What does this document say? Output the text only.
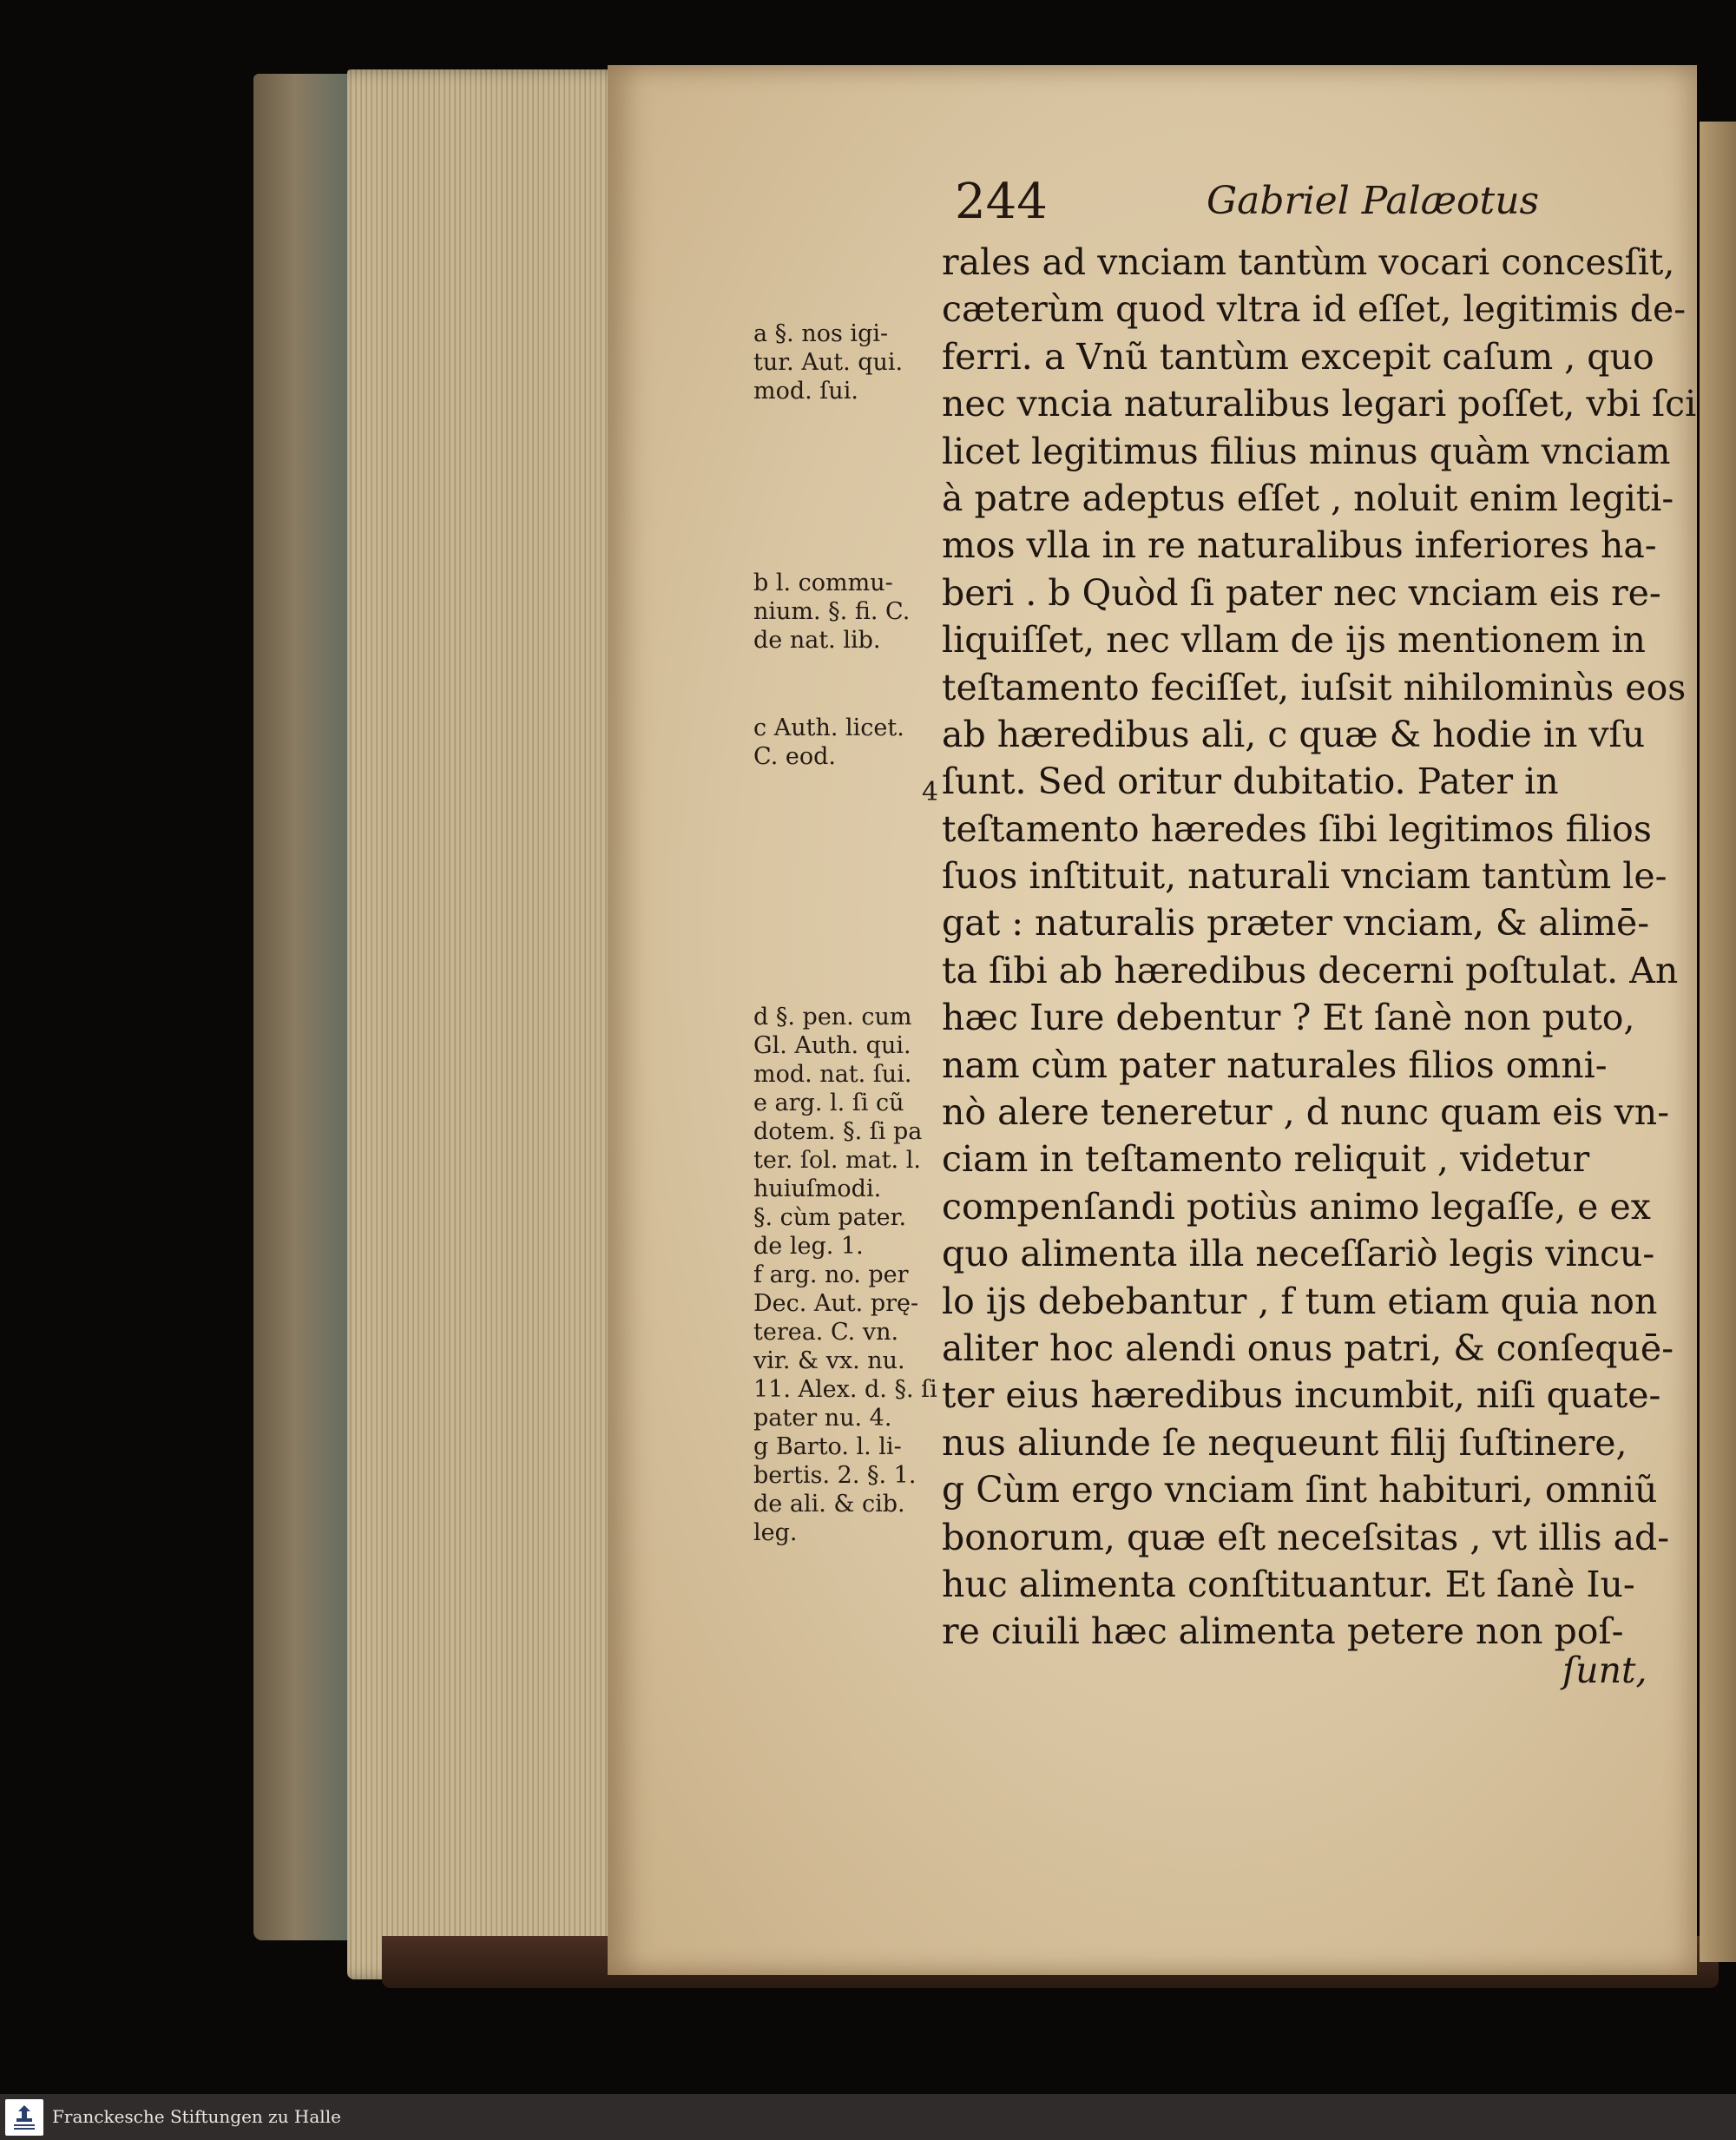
244	Gabriel Palæotus
a §. nos igi-
tur. Aut. qui.
mod. ſui.
b l. commu-
nium. §. fi. C.
de nat. lib.
c Auth. licet.
C. eod.
d §. pen. cum
Gl. Auth. qui.
mod. nat. ſui.
e arg. l. ſi cũ
dotem. §. ſi pa
ter. ſol. mat. l.
huiuſmodi.
§. cùm pater.
de leg. 1.
f arg. no. per
Dec. Aut. prę-
terea. C. vn.
vir. & vx. nu.
11. Alex. d. §. ſi
pater nu. 4.
g Barto. l. li-
bertis. 2. §. 1.
de ali. & cib.
leg.
4
rales ad vnciam tantùm vocari concesſit,
cæterùm quod vltra id eſſet, legitimis de-
ferri. a Vnũ tantùm excepit caſum , quo
nec vncia naturalibus legari poſſet, vbi ſci
licet legitimus filius minus quàm vnciam
à patre adeptus eſſet , noluit enim legiti-
mos vlla in re naturalibus inferiores ha-
beri . b Quòd ſi pater nec vnciam eis re-
liquiſſet, nec vllam de ijs mentionem in
teſtamento feciſſet, iuſsit nihilominùs eos
ab hæredibus ali, c quæ & hodie in vſu
ſunt. Sed oritur dubitatio. Pater in
teſtamento hæredes ſibi legitimos filios
ſuos inſtituit, naturali vnciam tantùm le-
gat : naturalis præter vnciam, & alimē-
ta ſibi ab hæredibus decerni poſtulat. An
hæc Iure debentur ? Et ſanè non puto,
nam cùm pater naturales filios omni-
nò alere teneretur , d nunc quam eis vn-
ciam in teſtamento reliquit , videtur
compenſandi potiùs animo legaſſe, e ex
quo alimenta illa neceſſariò legis vincu-
lo ijs debebantur , f tum etiam quia non
aliter hoc alendi onus patri, & conſequē-
ter eius hæredibus incumbit, niſi quate-
nus aliunde ſe nequeunt filij ſuſtinere,
g Cùm ergo vnciam ſint habituri, omniũ
bonorum, quæ eſt neceſsitas , vt illis ad-
huc alimenta conſtituantur. Et ſanè Iu-
re ciuili hæc alimenta petere non poſ-
ſunt,
Franckesche Stiftungen zu Halle
